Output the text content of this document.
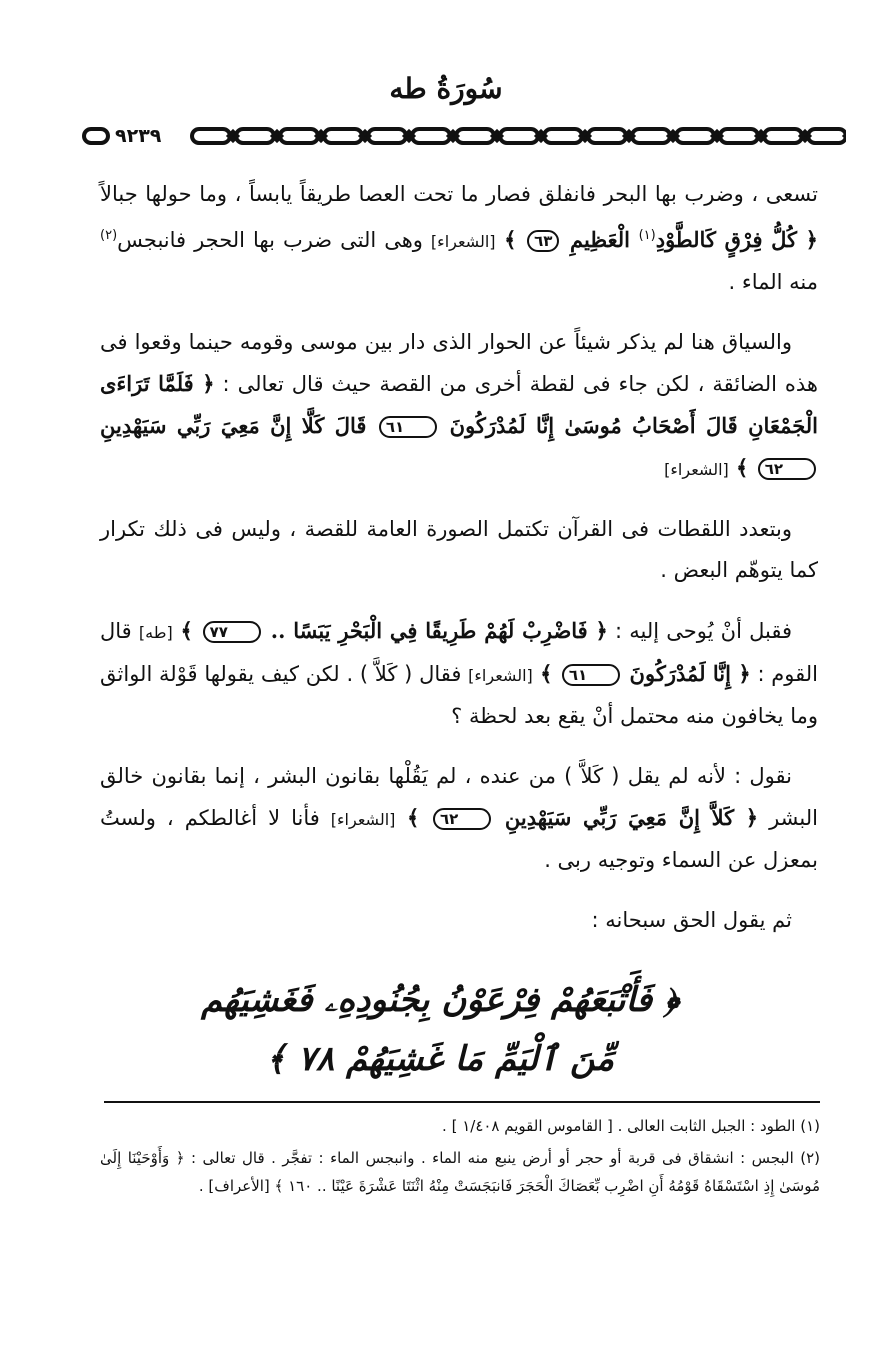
سُورَةُ طه
٩٢٣٩

تسعى ، وضرب بها البحر فانفلق فصار ما تحت العصا طريقاً يابساً ، وما حولها جبالاً ﴿ كُلُّ فِرْقٍ كَالطَّوْدِ$^{(١)}$ الْعَظِيمِ ٦٣ ﴾ [الشعراء] وهى التى ضرب بها الحجر فانبجس$^{(٢)}$ منه الماء .

والسياق هنا لم يذكر شيئاً عن الحوار الذى دار بين موسى وقومه حينما وقعوا فى هذه الضائقة ، لكن جاء فى لقطة أخرى من القصة حيث قال تعالى : ﴿ فَلَمَّا تَرَاءَى الْجَمْعَانِ قَالَ أَصْحَابُ مُوسَىٰ إِنَّا لَمُدْرَكُونَ ٦١ قَالَ كَلَّا إِنَّ مَعِيَ رَبِّي سَيَهْدِينِ ٦٢ ﴾ [الشعراء]

وبتعدد اللقطات فى القرآن تكتمل الصورة العامة للقصة ، وليس فى ذلك تكرار كما يتوهّم البعض .

فقبل أنْ يُوحى إليه : ﴿ فَاضْرِبْ لَهُمْ طَرِيقًا فِي الْبَحْرِ يَبَسًا .. ٧٧ ﴾ [طه] قال القوم : ﴿ إِنَّا لَمُدْرَكُونَ ٦١ ﴾ [الشعراء] فقال ( كَلاَّ ) . لكن كيف يقولها قَوْلة الواثق وما يخافون منه محتمل أنْ يقع بعد لحظة ؟

نقول : لأنه لم يقل ( كَلاَّ ) من عنده ، لم يَقُلْها بقانون البشر ، إنما بقانون خالق البشر ﴿ كَلاَّ إِنَّ مَعِيَ رَبِّي سَيَهْدِينِ ٦٢ ﴾ [الشعراء] فأنا لا أغالطكم ، ولستُ بمعزل عن السماء وتوجيه ربى .

ثم يقول الحق سبحانه :

﴿ فَأَتْبَعَهُمْ فِرْعَوْنُ بِجُنُودِهِۦ فَغَشِيَهُم
مِّنَ ٱلْيَمِّ مَا غَشِيَهُمْ ٧٨ ﴾

(١) الطود : الجبل الثابت العالى . [ القاموس القويم ١/٤٠٨ ] .

(٢) البجس : انشقاق فى قربة أو حجر أو أرض ينبع منه الماء . وانبجس الماء : تفجَّر . قال تعالى : ﴿ وَأَوْحَيْنَا إِلَىٰ مُوسَىٰ إِذِ اسْتَسْقَاهُ قَوْمُهُ أَنِ اضْرِب بِّعَصَاكَ الْحَجَرَ فَانبَجَسَتْ مِنْهُ اثْنَتَا عَشْرَةَ عَيْنًا .. ١٦٠ ﴾ [الأعراف] .
